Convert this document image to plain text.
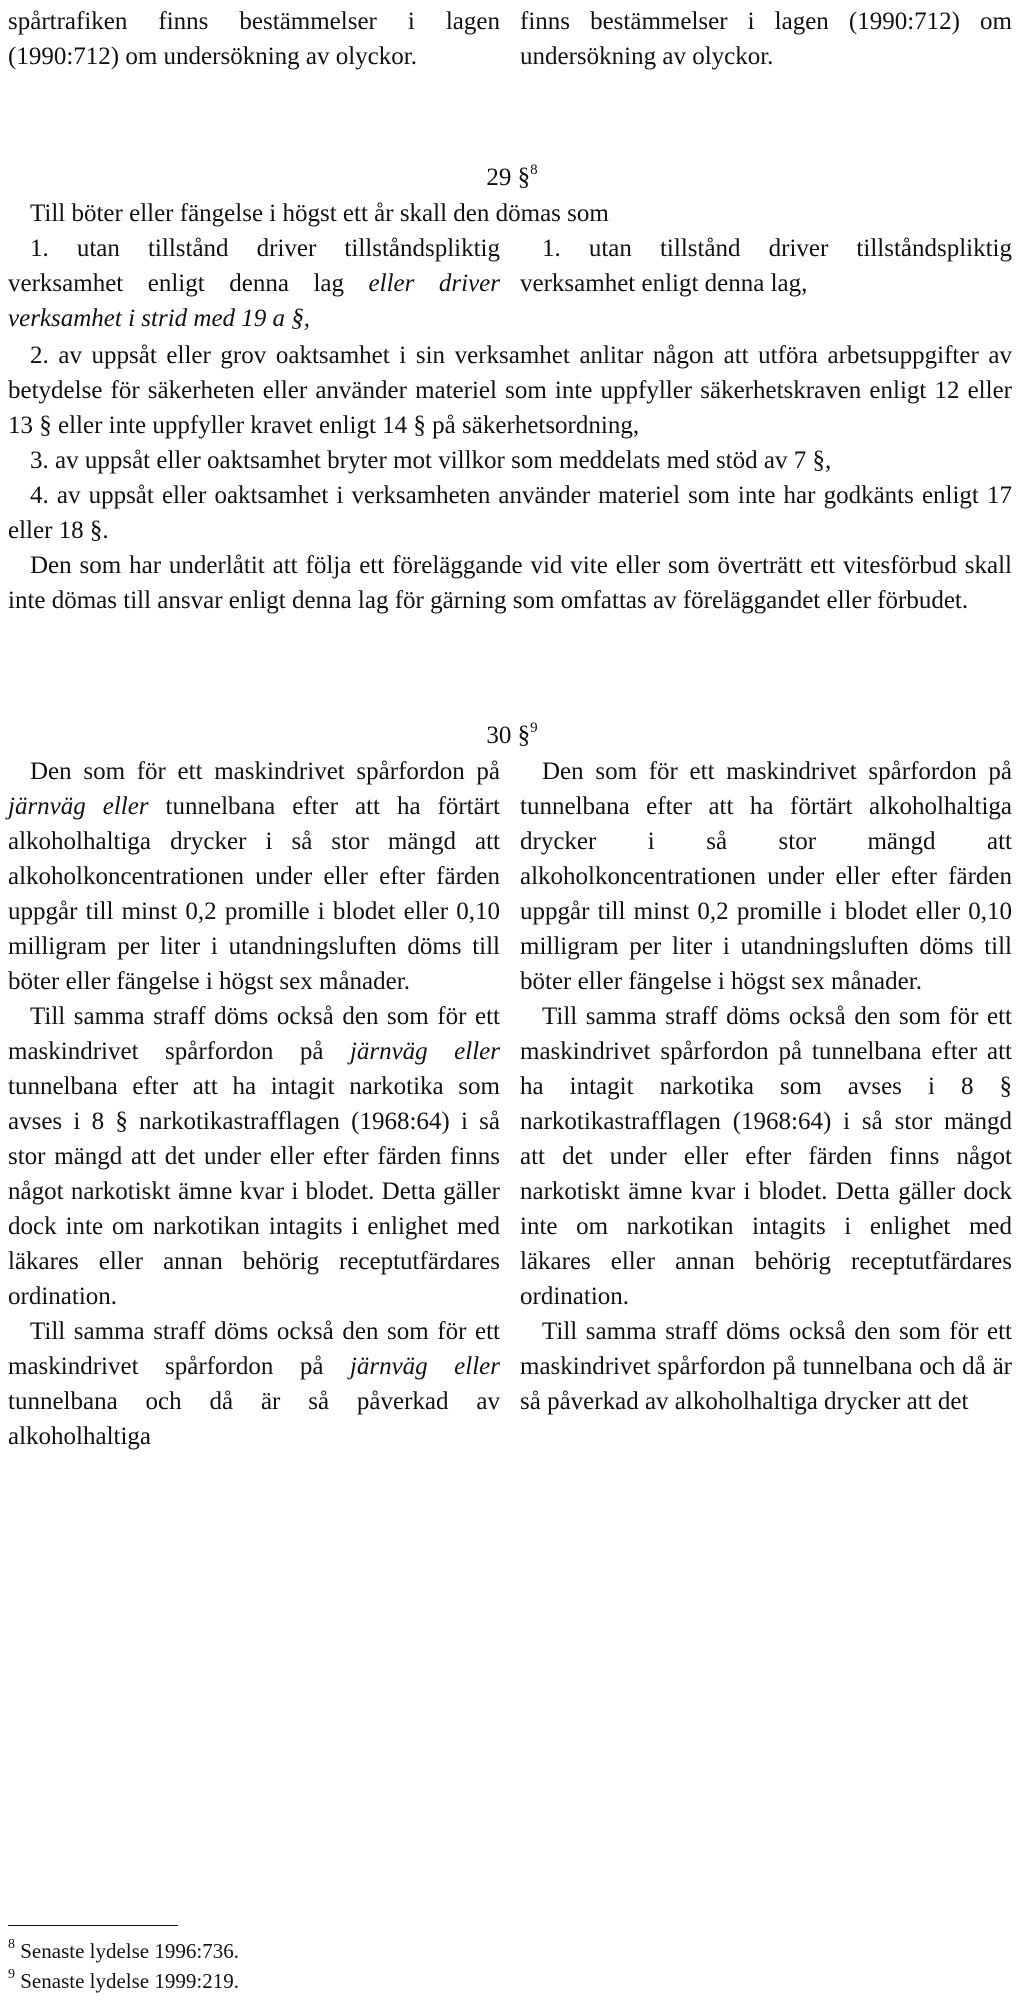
spårtrafiken finns bestämmelser i lagen (1990:712) om undersökning av olyckor.

finns bestämmelser i lagen (1990:712) om undersökning av olyckor.

29 §$^8$

Till böter eller fängelse i högst ett år skall den dömas som

1. utan tillstånd driver tillståndspliktig verksamhet enligt denna lag eller driver verksamhet i strid med 19 a §,

1. utan tillstånd driver tillståndspliktig verksamhet enligt denna lag,

2. av uppsåt eller grov oaktsamhet i sin verksamhet anlitar någon att utföra arbetsuppgifter av betydelse för säkerheten eller använder materiel som inte uppfyller säkerhetskraven enligt 12 eller 13 § eller inte uppfyller kravet enligt 14 § på säkerhetsordning,

3. av uppsåt eller oaktsamhet bryter mot villkor som meddelats med stöd av 7 §,

4. av uppsåt eller oaktsamhet i verksamheten använder materiel som inte har godkänts enligt 17 eller 18 §.

Den som har underlåtit att följa ett föreläggande vid vite eller som överträtt ett vitesförbud skall inte dömas till ansvar enligt denna lag för gärning som omfattas av föreläggandet eller förbudet.

30 §$^9$

Den som för ett maskindrivet spårfordon på järnväg eller tunnelbana efter att ha förtärt alkoholhaltiga drycker i så stor mängd att alkoholkoncentrationen under eller efter färden uppgår till minst 0,2 promille i blodet eller 0,10 milligram per liter i utandningsluften döms till böter eller fängelse i högst sex månader.

Till samma straff döms också den som för ett maskindrivet spårfordon på järnväg eller tunnelbana efter att ha intagit narkotika som avses i 8 § narkotikastrafflagen (1968:64) i så stor mängd att det under eller efter färden finns något narkotiskt ämne kvar i blodet. Detta gäller dock inte om narkotikan intagits i enlighet med läkares eller annan behörig receptutfärdares ordination.

Till samma straff döms också den som för ett maskindrivet spårfordon på järnväg eller tunnelbana och då är så påverkad av alkoholhaltiga

Den som för ett maskindrivet spårfordon på tunnelbana efter att ha förtärt alkoholhaltiga drycker i så stor mängd att alkoholkoncentrationen under eller efter färden uppgår till minst 0,2 promille i blodet eller 0,10 milligram per liter i utandningsluften döms till böter eller fängelse i högst sex månader.

Till samma straff döms också den som för ett maskindrivet spårfordon på tunnelbana efter att ha intagit narkotika som avses i 8 § narkotikastrafflagen (1968:64) i så stor mängd att det under eller efter färden finns något narkotiskt ämne kvar i blodet. Detta gäller dock inte om narkotikan intagits i enlighet med läkares eller annan behörig receptutfärdares ordination.

Till samma straff döms också den som för ett maskindrivet spårfordon på tunnelbana och då är så påverkad av alkoholhaltiga drycker att det

$^8$ Senaste lydelse 1996:736.
$^9$ Senaste lydelse 1999:219.
